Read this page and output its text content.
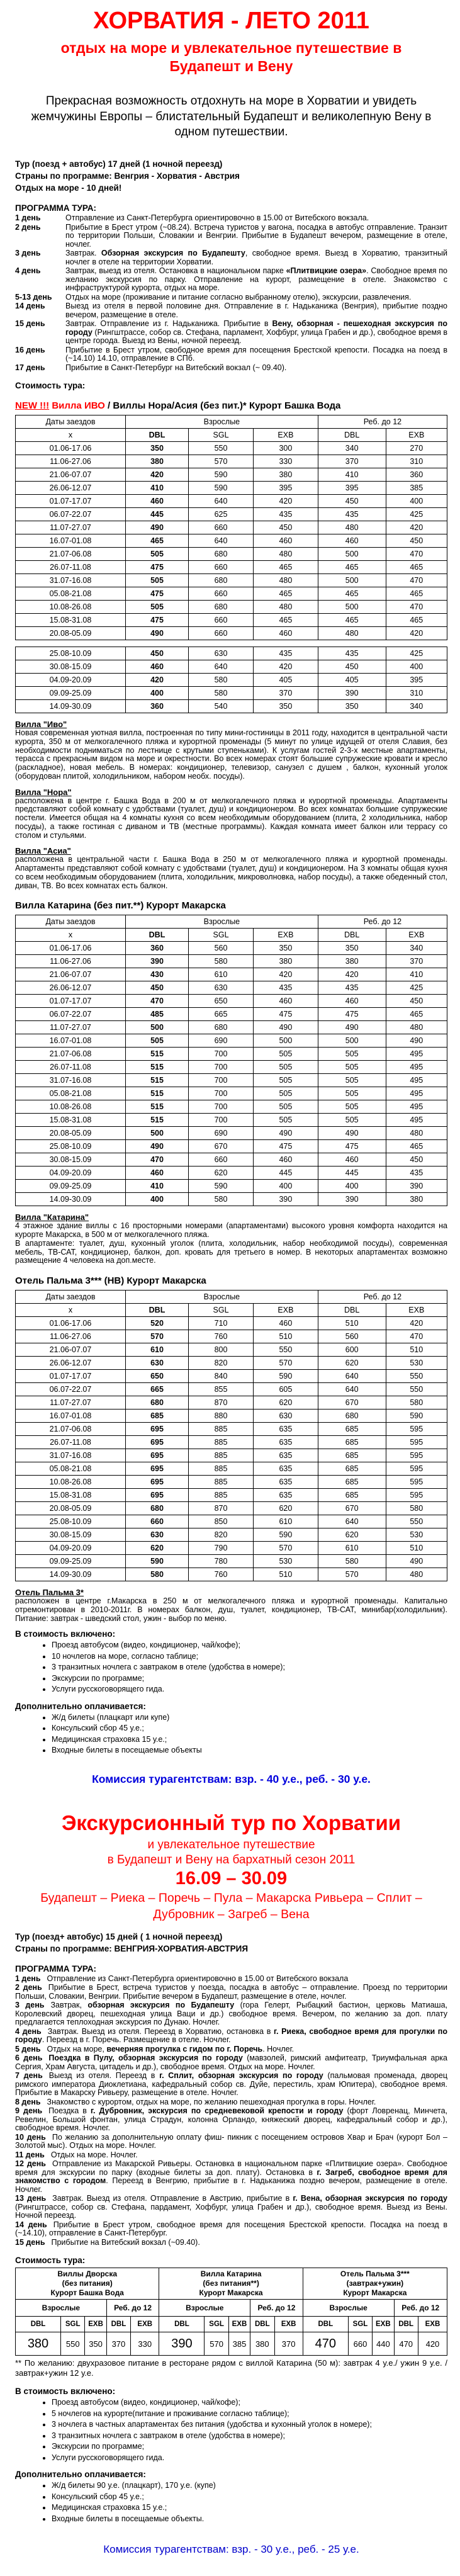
ХОРВАТИЯ - ЛЕТО 2011
отдых на море и увлекательное путешествие в Будапешт и Вену

Прекрасная возможность отдохнуть на море в Хорватии и увидеть жемчужины Европы – блистательный Будапешт и великолепную Вену в одном путешествии.

Тур (поезд + автобус) 17 дней (1 ночной переезд)

Страны по программе: Венгрия - Хорватия - Австрия

Отдых на море - 10 дней!

ПРОГРАММА ТУРА:

1 день	Отправление из Санкт-Петербурга ориентировочно в 15.00 от Витебского вокзала.

2 день	Прибытие в Брест утром (~08.24). Встреча туристов у вагона, посадка в автобус отправление. Транзит по территории Польши, Словакии и Венгрии. Прибытие в Будапешт вечером, размещение в отеле, ночлег.

3 день	Завтрак. Обзорная экскурсия по Будапешту, свободное время. Выезд в Хорватию, транзитный ночлег в отеле на территории Хорватии.

4 день	Завтрак, выезд из отеля. Остановка в национальном парке «Плитвицкие озера». Свободное время по желанию экскурсия по парку. Отправление на курорт, размещение в отеле. Знакомство с инфраструктурой курорта, отдых на море.

5-13 день Отдых на море (проживание и питание согласно выбранному отелю), экскурсии, развлечения.

14 день	Выезд из отеля в первой половине дня. Отправление в г. Надьканижа (Венгрия), прибытие поздно вечером, размещение в отеле.

15 день	Завтрак. Отправление из г. Надьканижа. Прибытие в Вену, обзорная - пешеходная экскурсия по городу (Рингштрассе, собор св. Стефана, парламент, Хофбург, улица Грабен и др.), свободное время в центре города. Выезд из Вены, ночной переезд.

16 день	Прибытие в Брест утром, свободное время для посещения Брестской крепости. Посадка на поезд в (~14.10) 14.10, отправление в СПб.

17 день	Прибытие в Санкт-Петербург на Витебский вокзал (~ 09.40).

Стоимость тура:

NEW !!! Вилла ИВО / Виллы Нора/Асия (без пит.)* Курорт Башка Вода

Даты заездов	Взрослые			Реб. до 12	
x	DBL	SGL	EXB	DBL	EXB
01.06-17.06	350	550	300	340	270
11.06-27.06	380	570	330	370	310
21.06-07.07	420	590	380	410	360
26.06-12.07	410	590	395	395	385
01.07-17.07	460	640	420	450	400
06.07-22.07	445	625	435	435	425
11.07-27.07	490	660	450	480	420
16.07-01.08	465	640	460	460	450
21.07-06.08	505	680	480	500	470
26.07-11.08	475	660	465	465	465
31.07-16.08	505	680	480	500	470
05.08-21.08	475	660	465	465	465
10.08-26.08	505	680	480	500	470
15.08-31.08	475	660	465	465	465
20.08-05.09	490	660	460	480	420

25.08-10.09	450	630	435	435	425
30.08-15.09	460	640	420	450	400
04.09-20.09	420	580	405	405	395
09.09-25.09	400	580	370	390	310
14.09-30.09	360	540	350	350	340

Вилла "Иво"

Новая современная уютная вилла, построенная по типу мини-гостиницы в 2011 году, находится в центральной части курорта, 350 м от мелкогалечного пляжа и курортной променады (5 минут по улице идущей от отеля Славия, без необходимости подниматься по лестнице с крутыми ступеньками). К услугам гостей 2-3-х местные апартаменты, терасса с прекрасным видом на море и окрестности. Во всех номерах стоят большие супружеские кровати и кресло (раскладное), новая мебель. В номерах: кондиционер, телевизор, санузел с душем , балкон, кухонный уголок (оборудован плитой, холодильником, набором необх. посуды).

Вилла "Нора"

расположена в центре г. Башка Вода в 200 м от мелкогалечного пляжа и курортной променады. Апартаменты представляют собой комнату с удобствами (туалет, душ) и кондиционером. Во всех комнатах большие супружеские постели. Имеется общая на 4 комнаты кухня со всем необходимым оборудованием (плита, 2 холодильника, набор посуды), а также гостиная с диваном и ТВ (местные программы). Каждая комната имеет балкон или террасу со столом и стульями.

Вилла "Асиа"

расположена в центральной части г. Башка Вода в 250 м от мелкогалечного пляжа и курортной променады. Апартаменты представляют собой комнату с удобствами (туалет, душ) и кондиционером. На 3 комнаты общая кухня со всем необходимым оборудованием (плита, холодильник, микроволновка, набор посуды), а также обеденный стол, диван, ТВ. Во всех комнатах есть балкон.

Вилла Катарина (без пит.**) Курорт Макарска

Даты заездов	Взрослые			Реб. до 12	
x	DBL	SGL	EXB	DBL	EXB
01.06-17.06	360	560	350	350	340
11.06-27.06	390	580	380	380	370
21.06-07.07	430	610	420	420	410
26.06-12.07	450	630	435	435	425
01.07-17.07	470	650	460	460	450
06.07-22.07	485	665	475	475	465
11.07-27.07	500	680	490	490	480
16.07-01.08	505	690	500	500	490
21.07-06.08	515	700	505	505	495
26.07-11.08	515	700	505	505	495
31.07-16.08	515	700	505	505	495
05.08-21.08	515	700	505	505	495
10.08-26.08	515	700	505	505	495
15.08-31.08	515	700	505	505	495
20.08-05.09	500	690	490	490	480
25.08-10.09	490	670	475	475	465
30.08-15.09	470	660	460	460	450
04.09-20.09	460	620	445	445	435
09.09-25.09	410	590	400	400	390
14.09-30.09	400	580	390	390	380

Вилла "Катарина"

4 этажное здание виллы с 16 просторными номерами (апартаментами) высокого уровня комфорта находится на курорте Макарска, в 500 м от мелкогалечного пляжа.

В апартаменте: туалет, душ, кухонный уголок (плита, холодильник, набор необходимой посуды), современная мебель, ТВ-САТ, кондиционер, балкон, доп. кровать для третьего в номер. В некоторых апартаментах возможно размещение 4 человека на доп.месте.

Отель Пальма 3*** (НВ) Курорт Макарска

Даты заездов	Взрослые			Реб. до 12	
x	DBL	SGL	EXB	DBL	EXB
01.06-17.06	520	710	460	510	420
11.06-27.06	570	760	510	560	470
21.06-07.07	610	800	550	600	510
26.06-12.07	630	820	570	620	530
01.07-17.07	650	840	590	640	550
06.07-22.07	665	855	605	640	550
11.07-27.07	680	870	620	670	580
16.07-01.08	685	880	630	680	590
21.07-06.08	695	885	635	685	595
26.07-11.08	695	885	635	685	595
31.07-16.08	695	885	635	685	595
05.08-21.08	695	885	635	685	595
10.08-26.08	695	885	635	685	595
15.08-31.08	695	885	635	685	595
20.08-05.09	680	870	620	670	580
25.08-10.09	660	850	610	640	550
30.08-15.09	630	820	590	620	530
04.09-20.09	620	790	570	610	510
09.09-25.09	590	780	530	580	490
14.09-30.09	580	760	510	570	480

Отель Пальма 3*

расположен в центре г.Макарска в 250 м от мелкогалечного пляжа и курортной променады. Капитально отремонтирован в 2010-2011г. В номерах балкон, душ, туалет, кондиционер, ТВ-САТ, минибар(холодильник). Питание: завтрак - шведский стол, ужин - выбор по меню.

В стоимость включено:

• Проезд автобусом (видео, кондиционер, чай/кофе);
• 10 ночлегов на море, согласно таблице;
• 3 транзитных ночлега с завтраком в отеле (удобства в номере);
• Экскурсии по программе;
• Услуги русскоговорящего гида.

Дополнительно оплачивается:

• Ж/д билеты (плацкарт или купе)
• Консульский сбор 45 у.е.;
• Медицинская страховка 15 у.е.;
• Входные билеты в посещаемые объекты

Комиссия турагентствам: взр. - 40 у.е., реб. - 30 у.е.

Экскурсионный тур по Хорватии

и увлекательное путешествие

в Будапешт и Вену на бархатный сезон 2011

16.09 – 30.09

Будапешт – Риека – Поречь – Пула – Макарска Ривьера – Сплит – Дубровник – Загреб – Вена

Тур (поезд+ автобус) 15 дней ( 1 ночной переезд)

Страны по программе: ВЕНГРИЯ-ХОРВАТИЯ-АВСТРИЯ

ПРОГРАММА ТУРА:

1 день Отправление из Санкт-Петербурга ориентировочно в 15.00 от Витебского вокзала

2 день Прибытие в Брест, встреча туристов у поезда, посадка в автобус – отправление. Проезд по территории Польши, Словакии, Венгрии. Прибытие вечером в Будапешт, размещение в отеле, ночлег.

3 день Завтрак, обзорная экскурсия по Будапешту (гора Гелерт, Рыбацкий бастион, церковь Матиаша, Королевский дворец, пешеходная улица Ваци и др.) свободное время. Вечером, по желанию за доп. плату предлагается теплоходная экскурсия по Дунаю. Ночлег.

4 день Завтрак. Выезд из отеля. Переезд в Хорватию, остановка в г. Риека, свободное время для прогулки по городу. Переезд в г. Поречь. Размещение в отеле. Ночлег.

5 день Отдых на море, вечерняя прогулка с гидом по г. Поречь. Ночлег.

6 день Поездка в Пулу, обзорная экскурсия по городу (мавзолей, римский амфитеатр, Триумфальная арка Сергия, Храм Августа, цитадель и др.), свободное время. Отдых на море. Ночлег.

7 день Выезд из отеля. Переезд в г. Сплит, обзорная экскурсия по городу (пальмовая променада, дворец римского императора Диоклетиана, кафедральный собор св. Дуйе, перестиль, храм Юпитера), свободное время. Прибытие в Макарску Ривьеру, размещение в отеле. Ночлег.

8 день Знакомство с курортом, отдых на море, по желанию пешеходная прогулка в горы. Ночлег.

9 день Поездка в г. Дубровник, экскурсия по средневековой крепости и городу (форт Ловренац, Минчета, Ревелин, Большой фонтан, улица Страдун, колонна Орландо, княжеский дворец, кафедральный собор и др.), свободное время. Ночлег.

10 день По желанию за дополнительную оплату фиш- пикник с посещением островов Хвар и Брач (курорт Бол – Золотой мыс). Отдых на море. Ночлег.

11 день Отдых на море. Ночлег.

12 день Отправление из Макарской Ривьеры. Остановка в национальном парке «Плитвицкие озера». Свободное время для экскурсии по парку (входные билеты за доп. плату). Остановка в г. Загреб, свободное время для знакомство с городом. Переезд в Венгрию, прибытие в г. Надьканижа поздно вечером, размещение в отеле. Ночлег.

13 день Завтрак. Выезд из отеля. Отправление в Австрию, прибытие в г. Вена, обзорная экскурсия по городу (Рингштрассе, собор св. Стефана, пардамент, Хофбург, улица Грабен и др.), свободное время. Выезд из Вены. Ночной переезд.

14 день Прибытие в Брест утром, свободное время для посещения Брестской крепости. Посадка на поезд в (~14.10), отправление в Санкт-Петербург.

15 день Прибытие на Витебский вокзал (~09.40).

Стоимость тура:
Виллы Дворска
(без питания)
Курорт Башка Вода

Вилла Катарина
(без питания**)
Курорт Макарска

Отель Пальма 3***
(завтрак+ужин)
Курорт Макарска

Взрослые			Реб. до 12		Взрослые			Реб. до 12		Взрослые			Реб. до 12	
DBL	SGL	EXB	DBL	EXB	DBL	SGL	EXB	DBL	EXB	DBL	SGL	EXB	DBL	EXB
380	550	350	370	330	390	570	385	380	370	470	660	440	470	420

** По желанию: двухразовое питание в ресторане рядом с виллой Катарина (50 м): завтрак 4 у.е./ ужин 9 у.е. / завтрак+ужин 12 у.е.

В стоимость включено:

• Проезд автобусом (видео, кондиционер, чай/кофе);
• 5 ночлегов на курорте(питание и проживание согласно таблице);
• 3 ночлега в частных апартаментах без питания (удобства и кухонный уголок в номере);
• 3 транзитных ночлега с завтраком в отеле (удобства в номере);
• Экскурсии по программе;
• Услуги русскоговорящего гида.

Дополнительно оплачивается:

• Ж/д билеты 90 у.е. (плацкарт), 170 у.е. (купе)
• Консульский сбор 45 у.е.;
• Медицинская страховка 15 у.е.;
• Входные билеты в посещаемые объекты.

Комиссия турагентствам: взр. - 30 у.е., реб. - 25 у.е.
